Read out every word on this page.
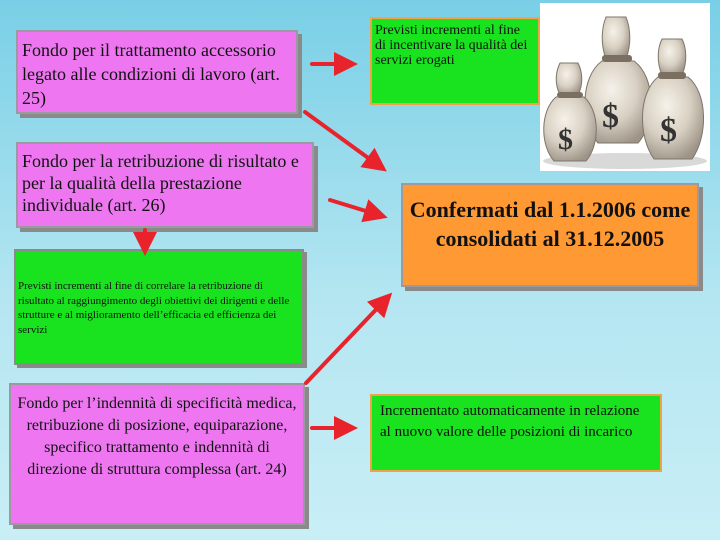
Fondo per il trattamento accessorio legato alle condizioni di lavoro (art. 25)
Fondo per la retribuzione di risultato e per la qualità della prestazione individuale (art. 26)
Previsti incrementi al fine di incentivare la qualità dei servizi erogati
Confermati dal 1.1.2006 come consolidati al 31.12.2005
Previsti incrementi al fine di correlare la retribuzione di risultato al raggiungimento degli obiettivi dei dirigenti e delle strutture e al miglioramento dell’efficacia ed efficienza dei servizi
Fondo per l’indennità di specificità medica, retribuzione di posizione, equiparazione, specifico trattamento e indennità di direzione di struttura complessa (art. 24)
Incrementato automaticamente in relazione al nuovo valore delle posizioni di incarico
$
$	$
